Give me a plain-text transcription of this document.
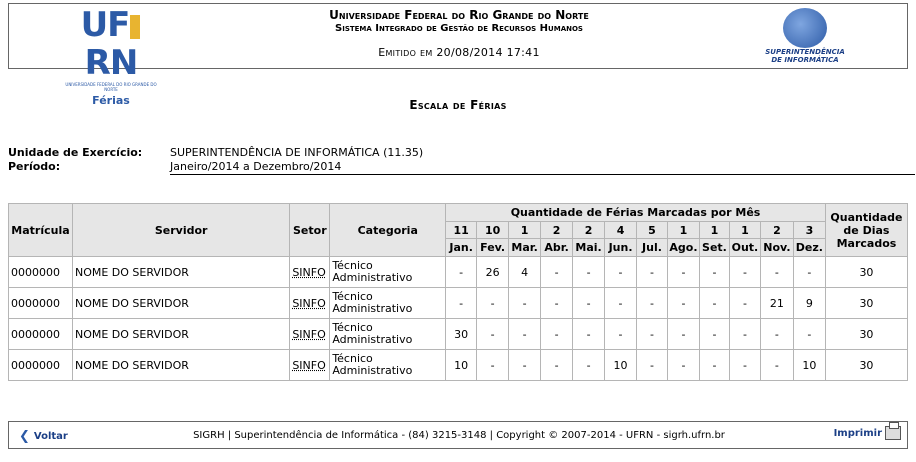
UFRN
UNIVERSIDADE FEDERAL DO RIO GRANDE DO NORTE
Férias
Universidade Federal do Rio Grande do Norte
Sistema Integrado de Gestão de Recursos Humanos
Emitido em 20/08/2014 17:41	SUPERINTENDÊNCIA
DE INFORMÁTICA
Escala de Férias
Unidade de Exercício:	SUPERINTENDÊNCIA DE INFORMÁTICA (11.35)
Período:	Janeiro/2014 a Dezembro/2014
Matrícula	Servidor	Setor	Categoria	Quantidade de Férias Marcadas por Mês												Quantidade de Dias Marcados
				11	10	1	2	2	4	5	1	1	1	2	3	
				Jan.	Fev.	Mar.	Abr.	Mai.	Jun.	Jul.	Ago.	Set.	Out.	Nov.	Dez.	
0000000	NOME DO SERVIDOR	SINFO	Técnico Administrativo	-	26	4	-	-	-	-	-	-	-	-	-	30
0000000	NOME DO SERVIDOR	SINFO	Técnico Administrativo	-	-	-	-	-	-	-	-	-	-	21	9	30
0000000	NOME DO SERVIDOR	SINFO	Técnico Administrativo	30	-	-	-	-	-	-	-	-	-	-	-	30
0000000	NOME DO SERVIDOR	SINFO	Técnico Administrativo	10	-	-	-	-	10	-	-	-	-	-	10	30
❮ Voltar	SIGRH | Superintendência de Informática - (84) 3215-3148 | Copyright © 2007-2014 - UFRN - sigrh.ufrn.br	Imprimir
